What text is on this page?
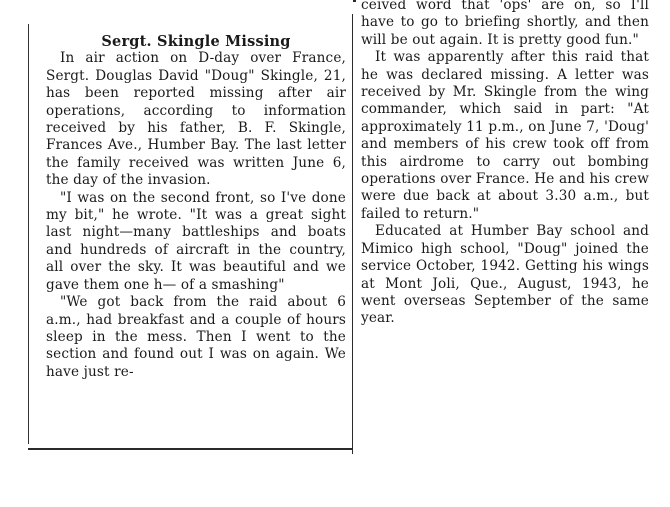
Sergt. Skingle Missing

In air action on D-day over France, Sergt. Douglas David "Doug" Skingle, 21, has been reported missing after air operations, according to information received by his father, B. F. Skingle, Frances Ave., Humber Bay. The last letter the family received was written June 6, the day of the invasion.

"I was on the second front, so I've done my bit," he wrote. "It was a great sight last night—many battleships and boats and hundreds of aircraft in the country, all over the sky. It was beautiful and we gave them one h— of a smashing"

"We got back from the raid about 6 a.m., had breakfast and a couple of hours sleep in the mess. Then I went to the section and found out I was on again. We have just re-

ceived word that 'ops' are on, so I'll have to go to briefing shortly, and then will be out again. It is pretty good fun."

It was apparently after this raid that he was declared missing. A letter was received by Mr. Skingle from the wing commander, which said in part: "At approximately 11 p.m., on June 7, 'Doug' and members of his crew took off from this airdrome to carry out bombing operations over France. He and his crew were due back at about 3.30 a.m., but failed to return."

Educated at Humber Bay school and Mimico high school, "Doug" joined the service October, 1942. Getting his wings at Mont Joli, Que., August, 1943, he went overseas September of the same year.
